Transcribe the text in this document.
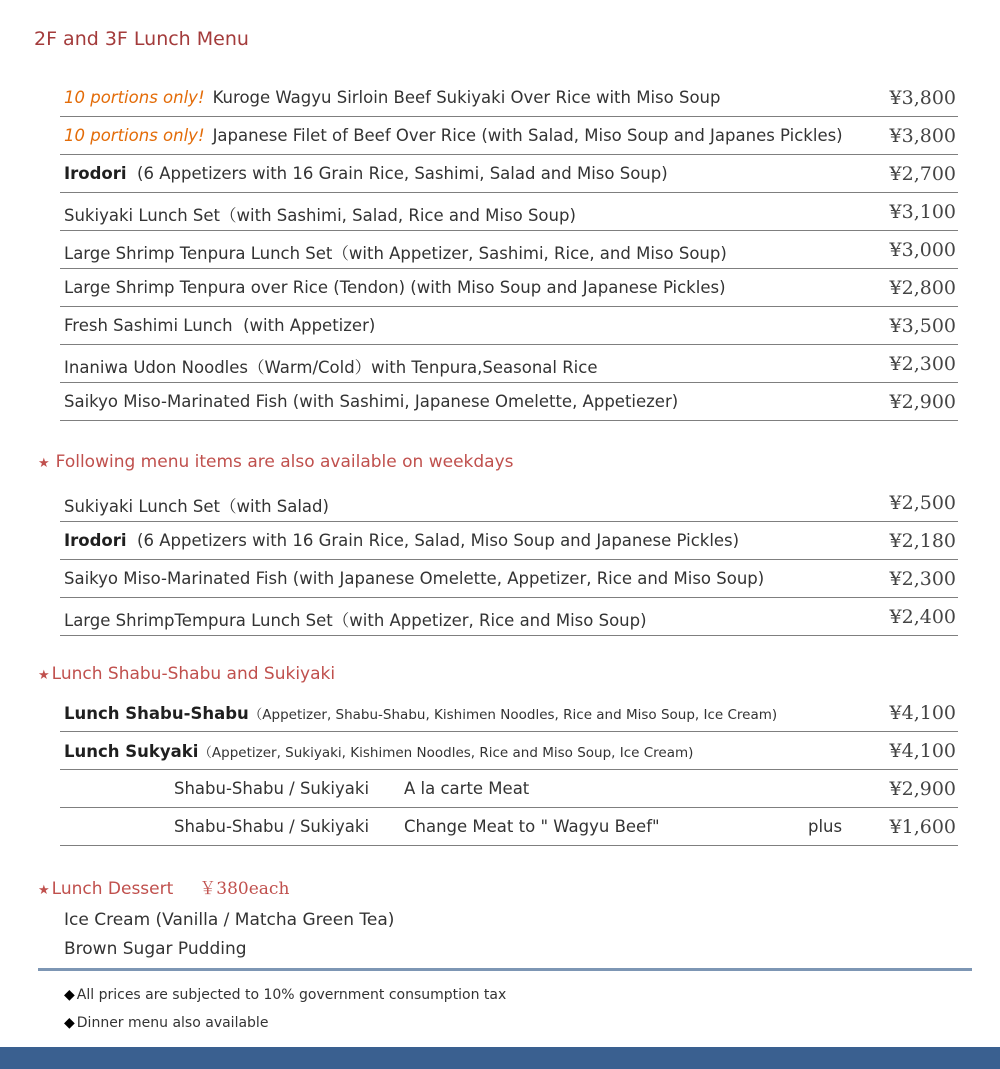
2F and 3F Lunch Menu
10 portions only! Kuroge Wagyu Sirloin Beef Sukiyaki Over Rice with Miso Soup	¥3,800
10 portions only! Japanese Filet of Beef Over Rice (with Salad, Miso Soup and Japanes Pickles) ¥3,800
Irodori  (6 Appetizers with 16 Grain Rice, Sashimi, Salad and Miso Soup)	¥2,700
Sukiyaki Lunch Set（with Sashimi, Salad, Rice and Miso Soup)	¥3,100
Large Shrimp Tenpura Lunch Set（with Appetizer, Sashimi, Rice, and Miso Soup)	¥3,000
Large Shrimp Tenpura over Rice (Tendon) (with Miso Soup and Japanese Pickles)	¥2,800
Fresh Sashimi Lunch  (with Appetizer)	¥3,500
Inaniwa Udon Noodles（Warm/Cold）with Tenpura,Seasonal Rice	¥2,300
Saikyo Miso-Marinated Fish (with Sashimi, Japanese Omelette, Appetiezer)	¥2,900
★ Following menu items are also available on weekdays
Sukiyaki Lunch Set（with Salad)	¥2,500
Irodori  (6 Appetizers with 16 Grain Rice, Salad, Miso Soup and Japanese Pickles)	¥2,180
Saikyo Miso-Marinated Fish (with Japanese Omelette, Appetizer, Rice and Miso Soup)	¥2,300
Large ShrimpTempura Lunch Set（with Appetizer, Rice and Miso Soup)	¥2,400
★ Lunch Shabu-Shabu and Sukiyaki
Lunch Shabu-Shabu（Appetizer, Shabu-Shabu, Kishimen Noodles, Rice and Miso Soup, Ice Cream)	¥4,100
Lunch Sukyaki（Appetizer, Sukiyaki, Kishimen Noodles, Rice and Miso Soup, Ice Cream)	¥4,100
Shabu-Shabu / Sukiyaki A la carte Meat	¥2,900
Shabu-Shabu / Sukiyaki Change Meat to " Wagyu Beef"	plus ¥1,600
★ Lunch Dessert ￥380each
Ice Cream (Vanilla / Matcha Green Tea)
Brown Sugar Pudding
◆ All prices are subjected to 10% government consumption tax
◆ Dinner menu also available
